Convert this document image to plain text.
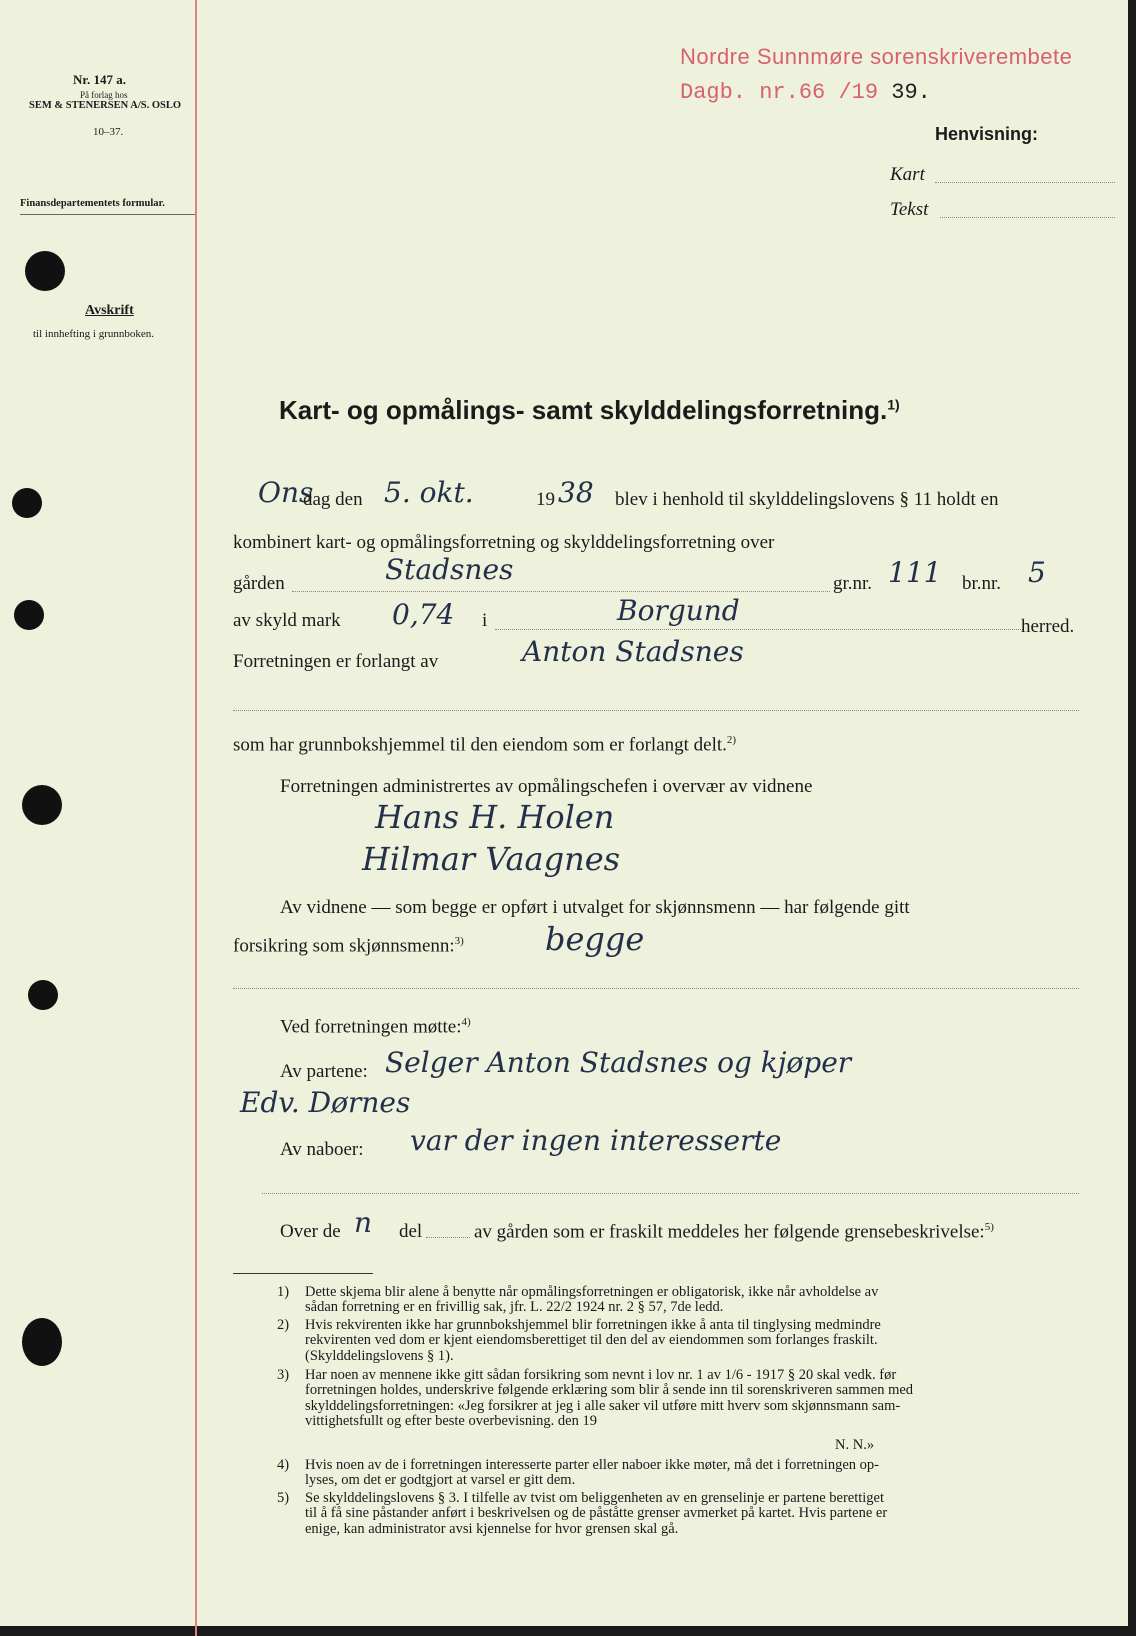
Nr. 147 a.
På forlag hos
SEM & STENERSEN A/S. OSLO
10–37.
Finansdepartementets formular.
Avskrift
til innhefting i grunnboken.
Nordre Sunnmøre sorenskriverembete
Dagb. nr.66 /19 39.
Henvisning:
Kart
Tekst
Kart- og opmålings- samt skylddelingsforretning.$^{1)}$
Ons
dag den 5. okt.	19 38 blev i henhold til skylddelingslovens § 11 holdt en
kombinert kart- og opmålingsforretning og skylddelingsforretning over
gården	Stadsnes	gr.nr. 111 br.nr. 5
av skyld mark 0,74 i	Borgund	herred.
Forretningen er forlangt av	Anton Stadsnes
som har grunnbokshjemmel til den eiendom som er forlangt delt.$^{2)}$
Forretningen administrertes av opmålingschefen i overvær av vidnene
Hans H. Holen
Hilmar Vaagnes
Av vidnene — som begge er opført i utvalget for skjønnsmenn — har følgende gitt
forsikring som skjønnsmenn:$^{3)}$	begge
Ved forretningen møtte:$^{4)}$
Av partene: Selger Anton Stadsnes og kjøper
Edv. Dørnes
Av naboer: var der ingen interesserte
Over de n del	av gården som er fraskilt meddeles her følgende grensebeskrivelse:$^{5)}$
1) Dette skjema blir alene å benytte når opmålingsforretningen er obligatorisk, ikke når avholdelse av
sådan forretning er en frivillig sak, jfr. L. 22/2 1924 nr. 2 § 57, 7de ledd.
2) Hvis rekvirenten ikke har grunnbokshjemmel blir forretningen ikke å anta til tinglysing medmindre
rekvirenten ved dom er kjent eiendomsberettiget til den del av eiendommen som forlanges fraskilt.
(Skylddelingslovens § 1).
3) Har noen av mennene ikke gitt sådan forsikring som nevnt i lov nr. 1 av 1/6 - 1917 § 20 skal vedk. før
forretningen holdes, underskrive følgende erklæring som blir å sende inn til sorenskriveren sammen med
skylddelingsforretningen: «Jeg forsikrer at jeg i alle saker vil utføre mitt hverv som skjønnsmann sam-
vittighetsfullt og efter beste overbevisning. den 19
N. N.»
4) Hvis noen av de i forretningen interesserte parter eller naboer ikke møter, må det i forretningen op-
lyses, om det er godtgjort at varsel er gitt dem.
5) Se skylddelingslovens § 3. I tilfelle av tvist om beliggenheten av en grenselinje er partene berettiget
til å få sine påstander anført i beskrivelsen og de påståtte grenser avmerket på kartet. Hvis partene er
enige, kan administrator avsi kjennelse for hvor grensen skal gå.
